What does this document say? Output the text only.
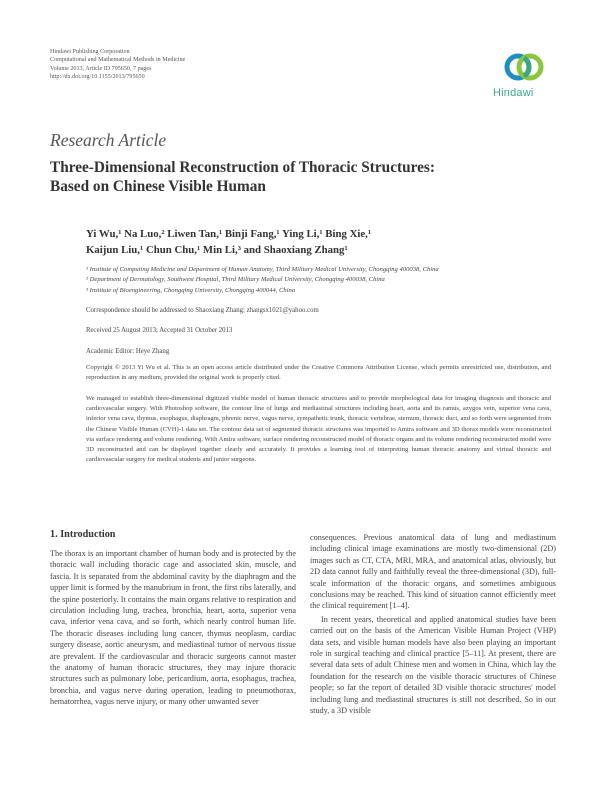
Hindawi Publishing Corporation
Computational and Mathematical Methods in Medicine
Volume 2013, Article ID 795650, 7 pages
http://dx.doi.org/10.1155/2013/795650
Hindawi
Research Article
Three-Dimensional Reconstruction of Thoracic Structures:
Based on Chinese Visible Human
Yi Wu,¹ Na Luo,² Liwen Tan,¹ Binji Fang,¹ Ying Li,¹ Bing Xie,¹
Kaijun Liu,¹ Chun Chu,¹ Min Li,³ and Shaoxiang Zhang¹
¹ Institute of Computing Medicine and Department of Human Anatomy, Third Military Medical University, Chongqing 400038, China
² Department of Dermatology, Southwest Hospital, Third Military Medical University, Chongqing 400038, China
³ Institute of Bioengineering, Chongqing University, Chongqing 400044, China
Correspondence should be addressed to Shaoxiang Zhang; zhangsx1021@yahoo.com
Received 25 August 2013; Accepted 31 October 2013
Academic Editor: Heye Zhang

Copyright © 2013 Yi Wu et al. This is an open access article distributed under the Creative Commons Attribution License, which permits unrestricted use, distribution, and reproduction in any medium, provided the original work is properly cited.

We managed to establish three-dimensional digitized visible model of human thoracic structures and to provide morphological data for imaging diagnosis and thoracic and cardiovascular surgery. With Photoshop software, the contour line of lungs and mediastinal structures including heart, aorta and its ramus, azygos vein, superior vena cava, inferior vena cava, thymus, esophagus, diaphragm, phrenic nerve, vagus nerve, sympathetic trunk, thoracic vertebrae, sternum, thoracic duct, and so forth were segmented from the Chinese Visible Human (CVH)-1 data set. The contour data set of segmented thoracic structures was imported to Amira software and 3D thorax models were reconstructed via surface rendering and volume rendering. With Amira software, surface rendering reconstructed model of thoracic organs and its volume rendering reconstructed model were 3D reconstructed and can be displayed together clearly and accurately. It provides a learning tool of interpreting human thoracic anatomy and virtual thoracic and cardiovascular surgery for medical students and junior surgeons.

1. Introduction

The thorax is an important chamber of human body and is protected by the thoracic wall including thoracic cage and associated skin, muscle, and fascia. It is separated from the abdominal cavity by the diaphragm and the upper limit is formed by the manubrium in front, the first ribs laterally, and the spine posteriorly. It contains the main organs relative to respiration and circulation including lung, trachea, bronchia, heart, aorta, superior vena cava, inferior vena cava, and so forth, which nearly control human life. The thoracic diseases including lung cancer, thymus neoplasm, cardiac surgery disease, aortic aneurysm, and mediastinal tumor of nervous tissue are prevalent. If the cardiovascular and thoracic surgeons cannot master the anatomy of human thoracic structures, they may injure thoracic structures such as pulmonary lobe, pericardium, aorta, esophagus, trachea, bronchia, and vagus nerve during operation, leading to pneumothorax, hematorrhea, vagus nerve injury, or many other unwanted sever

consequences. Previous anatomical data of lung and mediastinum including clinical image examinations are mostly two-dimensional (2D) images such as CT, CTA, MRI, MRA, and anatomical atlas, obviously, but 2D data cannot fully and faithfully reveal the three-dimensional (3D), full-scale information of the thoracic organs, and sometimes ambiguous conclusions may be reached. This kind of situation cannot efficiently meet the clinical requirement [1–4].

In recent years, theoretical and applied anatomical studies have been carried out on the basis of the American Visible Human Project (VHP) data sets, and visible human models have also been playing an important role in surgical teaching and clinical practice [5–11]. At present, there are several data sets of adult Chinese men and women in China, which lay the foundation for the research on the visible thoracic structures of Chinese people; so far the report of detailed 3D visible thoracic structures' model including lung and mediastinal structures is still not described. So in our study, a 3D visible
